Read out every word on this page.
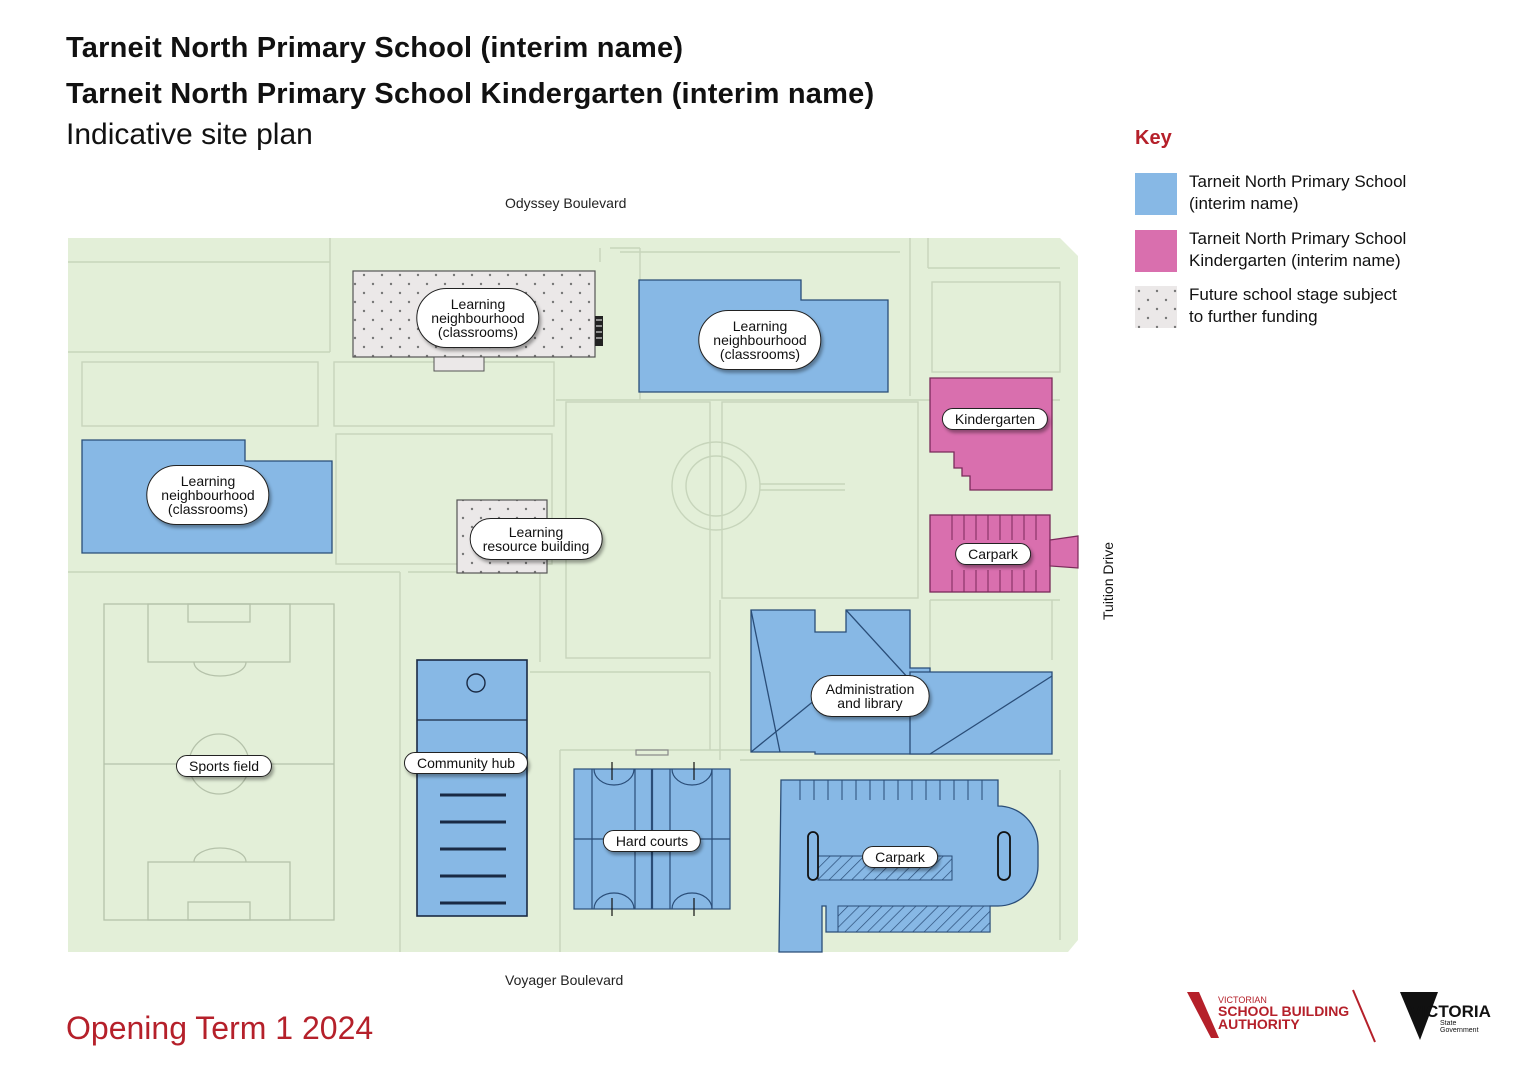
Tarneit North Primary School (interim name)
Tarneit North Primary School Kindergarten (interim name)
Indicative site plan
Odyssey Boulevard
Voyager Boulevard
Tuition Drive
Learning
neighbourhood
(classrooms)	Learning
neighbourhood
(classrooms)
Learning
neighbourhood
(classrooms)
Kindergarten
Carpark
Learning
resource building
Administration
and library
Sports field	Community hub
Hard courts
Carpark
Key
Tarneit North Primary School
(interim name)
Tarneit North Primary School
Kindergarten (interim name)
Future school stage subject
to further funding
Opening Term 1 2024
VICTORIAN
SCHOOL BUILDING
AUTHORITY
VICTORIA
State
Government
